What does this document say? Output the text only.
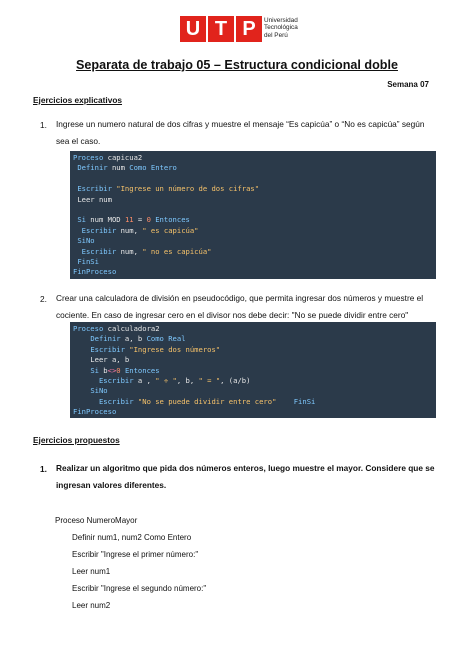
U T P	Universidad
Tecnológica
del Perú
Separata de trabajo 05 – Estructura condicional doble
Semana 07
Ejercicios explicativos
1. Ingrese un numero natural de dos cifras y muestre el mensaje “Es capicúa” o “No es capicúa” según sea el caso.
Proceso capicua2
Definir num Como Entero
Escribir "Ingrese un número de dos cifras"
Leer num
Si num MOD 11 = 0 Entonces
Escribir num, " es capicúa"
SiNo
Escribir num, " no es capicúa"
FinSi
FinProceso
2. Crear una calculadora de división en pseudocódigo, que permita ingresar dos números y muestre el cociente. En caso de ingresar cero en el divisor nos debe decir: "No se puede dividir entre cero"
Proceso calculadora2
Definir a, b Como Real
Escribir "Ingrese dos números"
Leer a, b
Si b<>0 Entonces
Escribir a , " ÷ ", b, " = ", (a/b)
SiNo
Escribir "No se puede dividir entre cero" FinSi
FinProceso
Ejercicios propuestos
1. Realizar un algoritmo que pida dos números enteros, luego muestre el mayor. Considere que se ingresan valores diferentes.
Proceso NumeroMayor
Definir num1, num2 Como Entero
Escribir "Ingrese el primer número:"
Leer num1
Escribir "Ingrese el segundo número:"
Leer num2
